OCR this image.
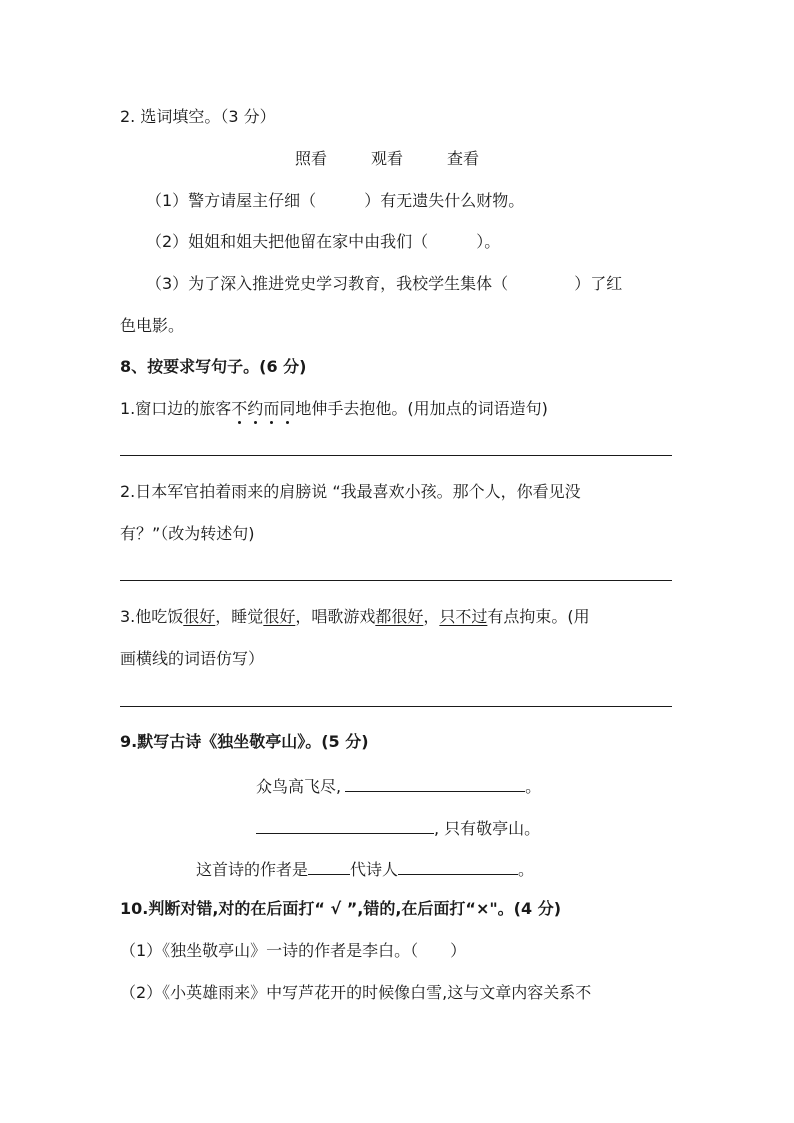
2. 选词填空。（3 分）
照看	观看	查看
（1）警方请屋主仔细（	）有无遗失什么财物。
（2）姐姐和姐夫把他留在家中由我们（	）。
（3）为了深入推进党史学习教育，我校学生集体（	）了红
色电影。
8、按要求写句子。(6 分)
1.窗口边的旅客不约而同地伸手去抱他。(用加点的词语造句)
2.日本军官拍着雨来的肩膀说 “我最喜欢小孩。那个人，你看见没
有？”（改为转述句)
3.他吃饭很好，睡觉很好，唱歌游戏都很好，只不过有点拘束。(用
画横线的词语仿写）
9.默写古诗《独坐敬亭山》。(5 分)
众鸟高飞尽,	。
, 只有敬亭山。
这首诗的作者是	代诗人	。
10.判断对错,对的在后面打“ √ ”,错的,在后面打“×"。(4 分)
（1）《独坐敬亭山》一诗的作者是李白。（　　）
（2）《小英雄雨来》中写芦花开的时候像白雪,这与文章内容关系不
